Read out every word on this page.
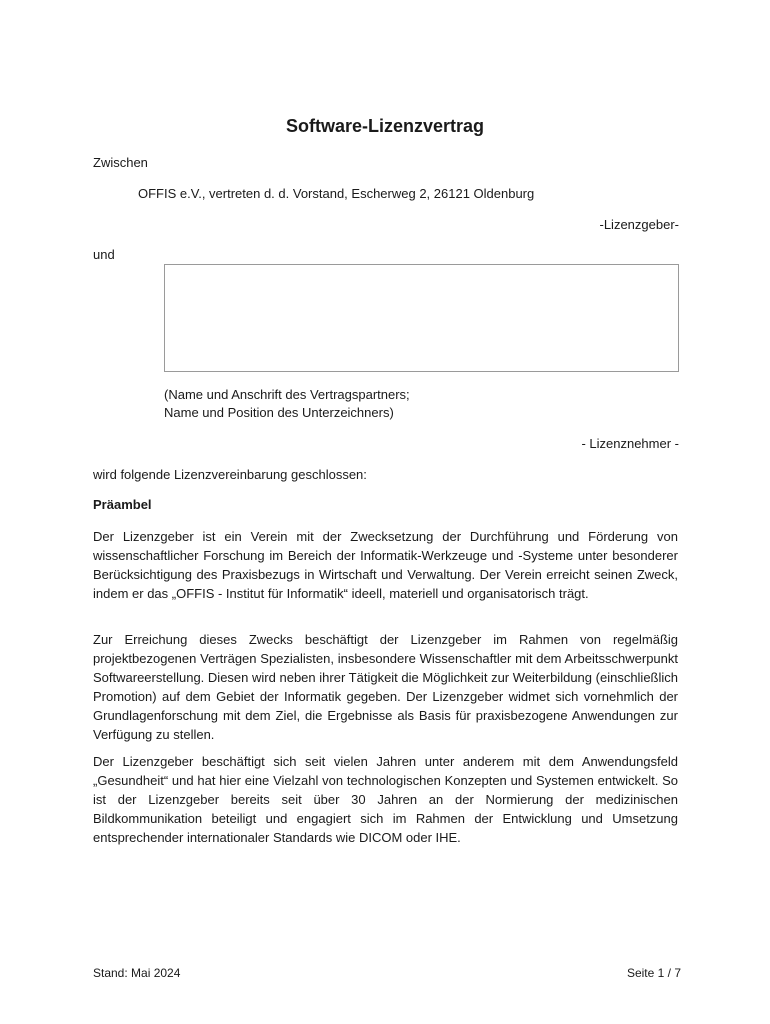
Software-Lizenzvertrag

Zwischen

OFFIS e.V., vertreten d. d. Vorstand, Escherweg 2, 26121 Oldenburg

-Lizenzgeber-

und

(Name und Anschrift des Vertragspartners;

Name und Position des Unterzeichners)

- Lizenznehmer -

wird folgende Lizenzvereinbarung geschlossen:

Präambel

Der Lizenzgeber ist ein Verein mit der Zwecksetzung der Durchführung und Förderung von wissenschaftlicher Forschung im Bereich der Informatik-Werkzeuge und -Systeme unter besonderer Berücksichtigung des Praxisbezugs in Wirtschaft und Verwaltung. Der Verein erreicht seinen Zweck, indem er das „OFFIS - Institut für Informatik“ ideell, materiell und organisatorisch trägt.

Zur Erreichung dieses Zwecks beschäftigt der Lizenzgeber im Rahmen von regelmäßig projektbezogenen Verträgen Spezialisten, insbesondere Wissenschaftler mit dem Arbeitsschwerpunkt Softwareerstellung. Diesen wird neben ihrer Tätigkeit die Möglichkeit zur Weiterbildung (einschließlich Promotion) auf dem Gebiet der Informatik gegeben. Der Lizenzgeber widmet sich vornehmlich der Grundlagenforschung mit dem Ziel, die Ergebnisse als Basis für praxisbezogene Anwendungen zur Verfügung zu stellen.

Der Lizenzgeber beschäftigt sich seit vielen Jahren unter anderem mit dem Anwendungsfeld „Gesundheit“ und hat hier eine Vielzahl von technologischen Konzepten und Systemen entwickelt. So ist der Lizenzgeber bereits seit über 30 Jahren an der Normierung der medizinischen Bildkommunikation beteiligt und engagiert sich im Rahmen der Entwicklung und Umsetzung entsprechender internationaler Standards wie DICOM oder IHE.

Stand: Mai 2024	Seite 1 / 7
